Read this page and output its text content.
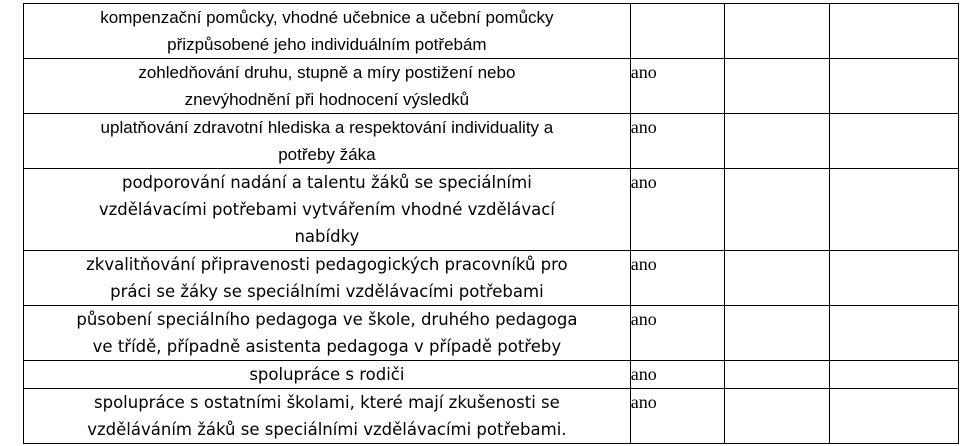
kompenzační pomůcky, vhodné učebnice a učební pomůcky
přizpůsobené jeho individuálním potřebám			

zohledňování druhu, stupně a míry postižení nebo
znevýhodnění při hodnocení výsledků	ano		

uplatňování zdravotní hlediska a respektování individuality a
potřeby žáka	ano		

podporování nadání a talentu žáků se speciálními
vzdělávacími potřebami vytvářením vhodné vzdělávací
nabídky	ano		

zkvalitňování připravenosti pedagogických pracovníků pro
práci se žáky se speciálními vzdělávacími potřebami	ano		

působení speciálního pedagoga ve škole, druhého pedagoga
ve třídě, případně asistenta pedagoga v případě potřeby	ano		

spolupráce s rodiči	ano		

spolupráce s ostatními školami, které mají zkušenosti se
vzděláváním žáků se speciálními vzdělávacími potřebami.	ano		
